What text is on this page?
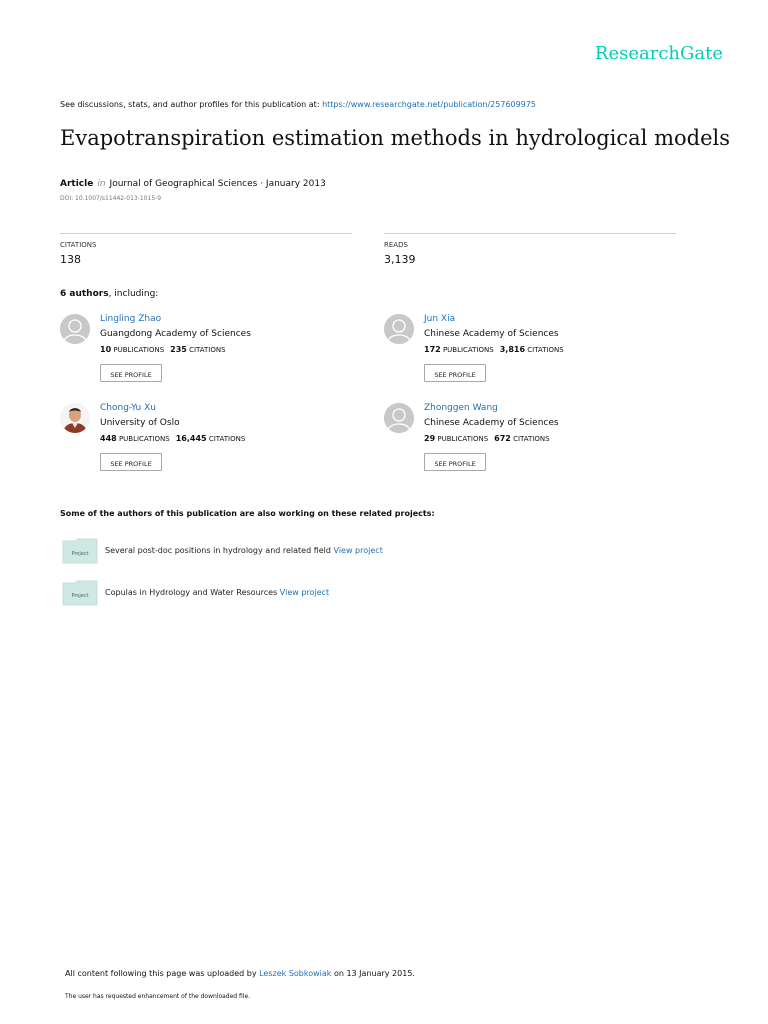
ResearchGate
See discussions, stats, and author profiles for this publication at: https://www.researchgate.net/publication/257609975
Evapotranspiration estimation methods in hydrological models
Article in Journal of Geographical Sciences · January 2013
DOI: 10.1007/s11442-013-1015-9
CITATIONS
138
READS
3,139
6 authors, including:
Lingling Zhao
Guangdong Academy of Sciences
10 PUBLICATIONS 235 CITATIONS
SEE PROFILE
Jun Xia
Chinese Academy of Sciences
172 PUBLICATIONS 3,816 CITATIONS
SEE PROFILE
Chong-Yu Xu
University of Oslo
448 PUBLICATIONS 16,445 CITATIONS
SEE PROFILE
Zhonggen Wang
Chinese Academy of Sciences
29 PUBLICATIONS 672 CITATIONS
SEE PROFILE
Some of the authors of this publication are also working on these related projects:
Project Several post-doc positions in hydrology and related field View project
Project Copulas in Hydrology and Water Resources View project
All content following this page was uploaded by Leszek Sobkowiak on 13 January 2015.
The user has requested enhancement of the downloaded file.
